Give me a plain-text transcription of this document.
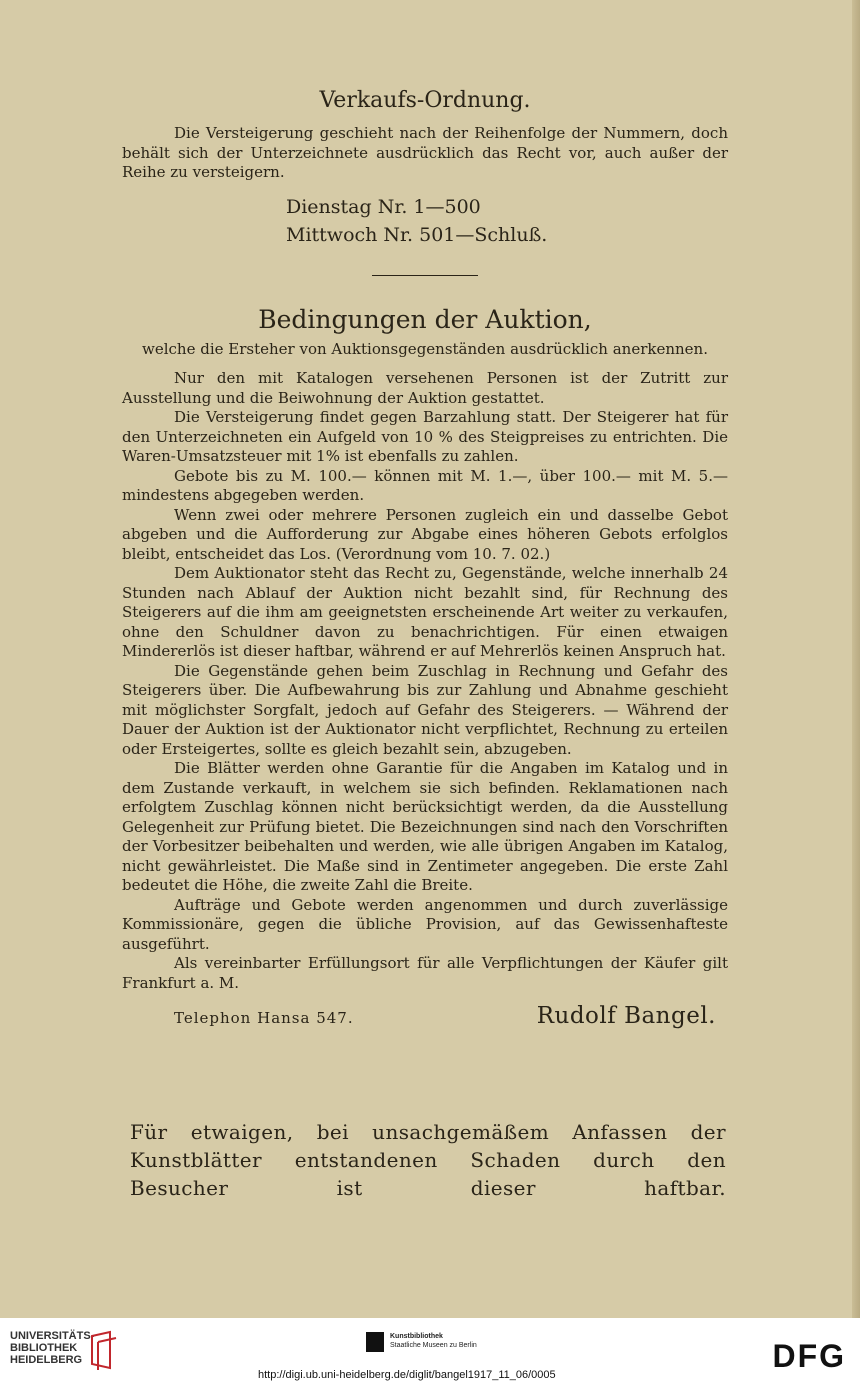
Verkaufs-Ordnung.

Die Versteigerung geschieht nach der Reihenfolge der Nummern, doch behält sich der Unterzeichnete ausdrücklich das Recht vor, auch außer der Reihe zu versteigern.

Dienstag Nr. 1—500
Mittwoch Nr. 501—Schluß.
Bedingungen der Auktion,

welche die Ersteher von Auktionsgegenständen ausdrücklich anerkennen.

Nur den mit Katalogen versehenen Personen ist der Zutritt zur Ausstellung und die Beiwohnung der Auktion gestattet.

Die Versteigerung findet gegen Barzahlung statt. Der Steigerer hat für den Unterzeichneten ein Aufgeld von 10 % des Steigpreises zu entrichten. Die Waren-Umsatzsteuer mit 1% ist ebenfalls zu zahlen.

Gebote bis zu M. 100.— können mit M. 1.—, über 100.— mit M. 5.— mindestens abgegeben werden.

Wenn zwei oder mehrere Personen zugleich ein und dasselbe Gebot abgeben und die Aufforderung zur Abgabe eines höheren Gebots erfolglos bleibt, entscheidet das Los. (Verordnung vom 10. 7. 02.)

Dem Auktionator steht das Recht zu, Gegenstände, welche innerhalb 24 Stunden nach Ablauf der Auktion nicht bezahlt sind, für Rechnung des Steigerers auf die ihm am geeignetsten erscheinende Art weiter zu verkaufen, ohne den Schuldner davon zu benachrichtigen. Für einen etwaigen Mindererlös ist dieser haftbar, während er auf Mehrerlös keinen Anspruch hat.

Die Gegenstände gehen beim Zuschlag in Rechnung und Gefahr des Steigerers über. Die Aufbewahrung bis zur Zahlung und Abnahme geschieht mit möglichster Sorgfalt, jedoch auf Gefahr des Steigerers. — Während der Dauer der Auktion ist der Auktionator nicht verpflichtet, Rechnung zu erteilen oder Ersteigertes, sollte es gleich bezahlt sein, abzugeben.

Die Blätter werden ohne Garantie für die Angaben im Katalog und in dem Zustande verkauft, in welchem sie sich befinden. Reklamationen nach erfolgtem Zuschlag können nicht berücksichtigt werden, da die Ausstellung Gelegenheit zur Prüfung bietet. Die Bezeichnungen sind nach den Vorschriften der Vorbesitzer beibehalten und werden, wie alle übrigen Angaben im Katalog, nicht gewährleistet. Die Maße sind in Zentimeter angegeben. Die erste Zahl bedeutet die Höhe, die zweite Zahl die Breite.

Aufträge und Gebote werden angenommen und durch zuverlässige Kommissionäre, gegen die übliche Provision, auf das Gewissenhafteste ausgeführt.

Als vereinbarter Erfüllungsort für alle Verpflichtungen der Käufer gilt Frankfurt a. M.

Telephon Hansa 547.	Rudolf Bangel.
Für etwaigen, bei unsachgemäßem Anfassen der Kunstblätter entstandenen Schaden durch den Besucher ist dieser haftbar.
UNIVERSITÄTS-
BIBLIOTHEK
HEIDELBERG
Kunstbibliothek
Staatliche Museen zu Berlin	DFG
http://digi.ub.uni-heidelberg.de/diglit/bangel1917_11_06/0005
